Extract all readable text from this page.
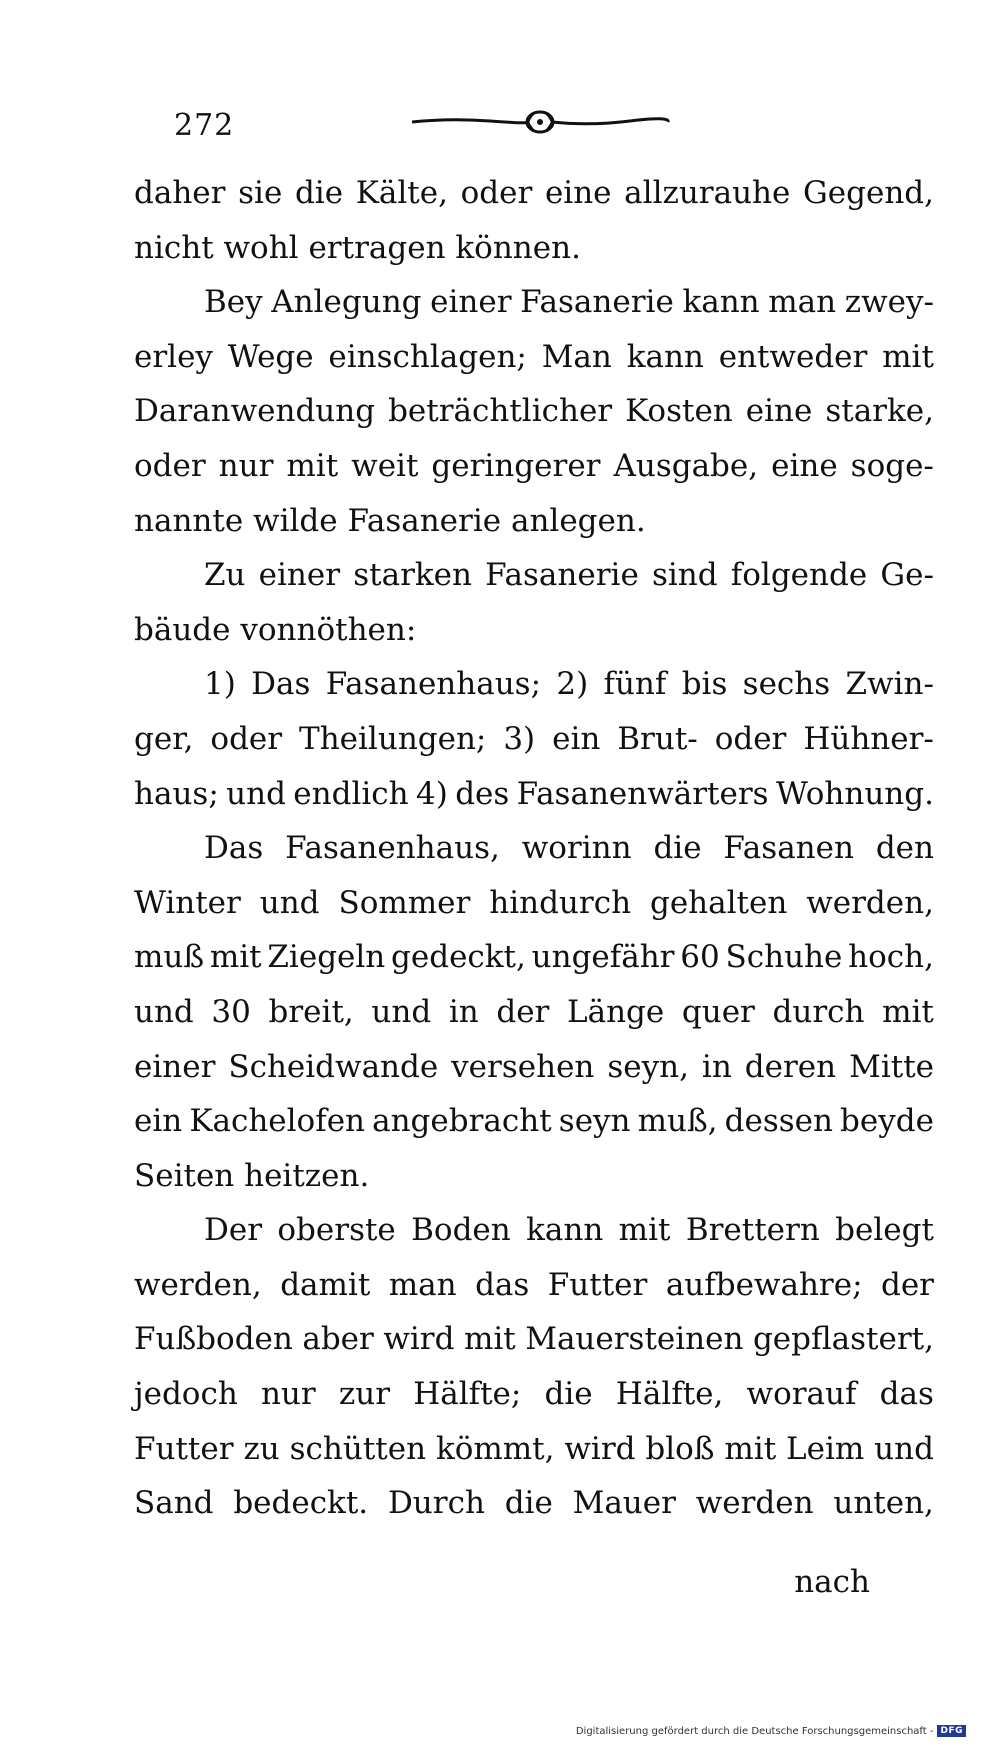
272
daher sie die Kälte, oder eine allzurauhe Gegend,
nicht wohl ertragen können.
Bey Anlegung einer Fasanerie kann man zwey-
erley Wege einschlagen; Man kann entweder mit
Daranwendung beträchtlicher Kosten eine starke,
oder nur mit weit geringerer Ausgabe, eine soge-
nannte wilde Fasanerie anlegen.
Zu einer starken Fasanerie sind folgende Ge-
bäude vonnöthen:
1) Das Fasanenhaus; 2) fünf bis sechs Zwin-
ger, oder Theilungen; 3) ein Brut- oder Hühner-
haus; und endlich 4) des Fasanenwärters Wohnung.
Das Fasanenhaus, worinn die Fasanen den
Winter und Sommer hindurch gehalten werden,
muß mit Ziegeln gedeckt, ungefähr 60 Schuhe hoch,
und 30 breit, und in der Länge quer durch mit
einer Scheidwande versehen seyn, in deren Mitte
ein Kachelofen angebracht seyn muß, dessen beyde
Seiten heitzen.
Der oberste Boden kann mit Brettern belegt
werden, damit man das Futter aufbewahre; der
Fußboden aber wird mit Mauersteinen gepflastert,
jedoch nur zur Hälfte; die Hälfte, worauf das
Futter zu schütten kömmt, wird bloß mit Leim und
Sand bedeckt. Durch die Mauer werden unten,
nach
Digitalisierung gefördert durch die Deutsche Forschungsgemeinschaft - DFG
